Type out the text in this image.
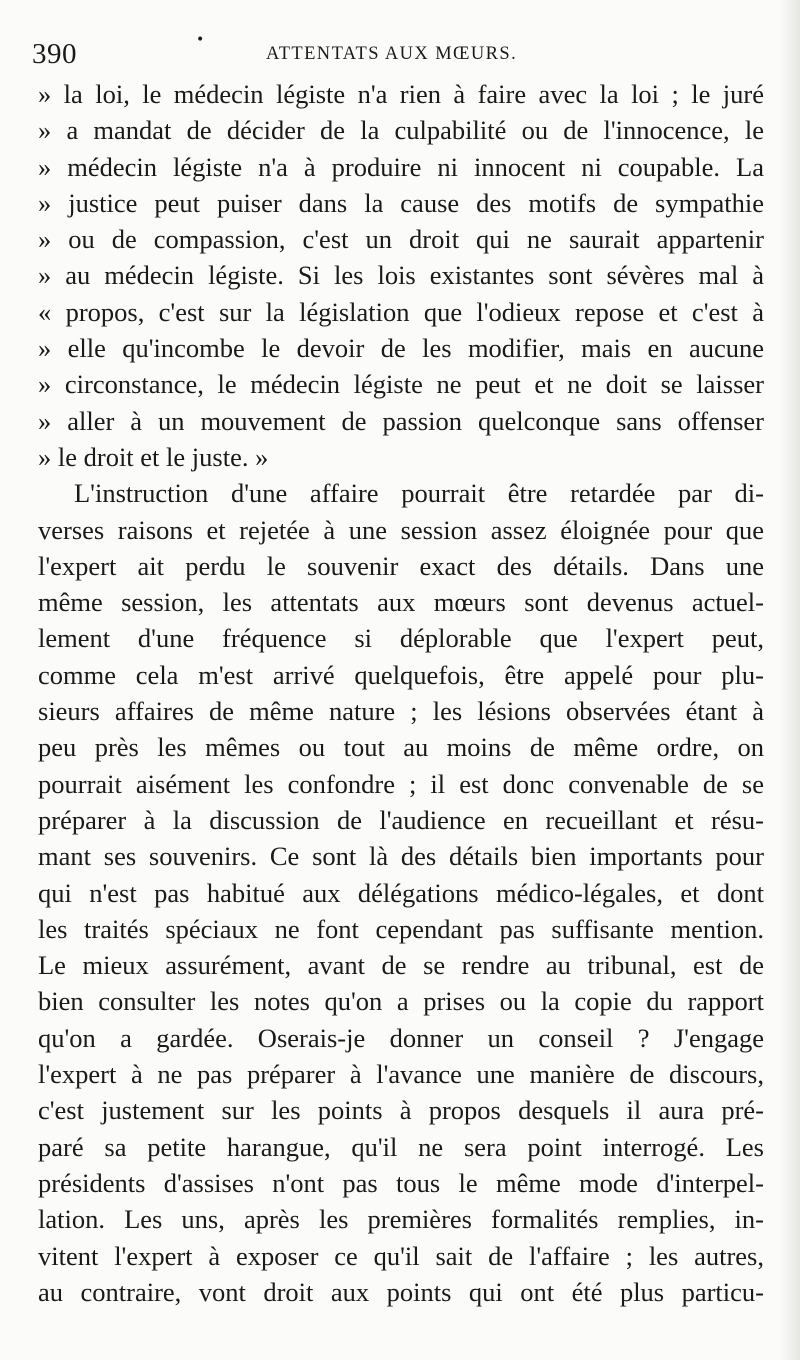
390	•
ATTENTATS AUX MŒURS.
» la loi, le médecin légiste n'a rien à faire avec la loi ; le juré
» a mandat de décider de la culpabilité ou de l'innocence, le
» médecin légiste n'a à produire ni innocent ni coupable. La
» justice peut puiser dans la cause des motifs de sympathie
» ou de compassion, c'est un droit qui ne saurait appartenir
» au médecin légiste. Si les lois existantes sont sévères mal à
« propos, c'est sur la législation que l'odieux repose et c'est à
» elle qu'incombe le devoir de les modifier, mais en aucune
» circonstance, le médecin légiste ne peut et ne doit se laisser
» aller à un mouvement de passion quelconque sans offenser
» le droit et le juste. »
L'instruction d'une affaire pourrait être retardée par di-
verses raisons et rejetée à une session assez éloignée pour que
l'expert ait perdu le souvenir exact des détails. Dans une
même session, les attentats aux mœurs sont devenus actuel-
lement d'une fréquence si déplorable que l'expert peut,
comme cela m'est arrivé quelquefois, être appelé pour plu-
sieurs affaires de même nature ; les lésions observées étant à
peu près les mêmes ou tout au moins de même ordre, on
pourrait aisément les confondre ; il est donc convenable de se
préparer à la discussion de l'audience en recueillant et résu-
mant ses souvenirs. Ce sont là des détails bien importants pour
qui n'est pas habitué aux délégations médico-légales, et dont
les traités spéciaux ne font cependant pas suffisante mention.
Le mieux assurément, avant de se rendre au tribunal, est de
bien consulter les notes qu'on a prises ou la copie du rapport
qu'on a gardée. Oserais-je donner un conseil ? J'engage
l'expert à ne pas préparer à l'avance une manière de discours,
c'est justement sur les points à propos desquels il aura pré-
paré sa petite harangue, qu'il ne sera point interrogé. Les
présidents d'assises n'ont pas tous le même mode d'interpel-
lation. Les uns, après les premières formalités remplies, in-
vitent l'expert à exposer ce qu'il sait de l'affaire ; les autres,
au contraire, vont droit aux points qui ont été plus particu-
